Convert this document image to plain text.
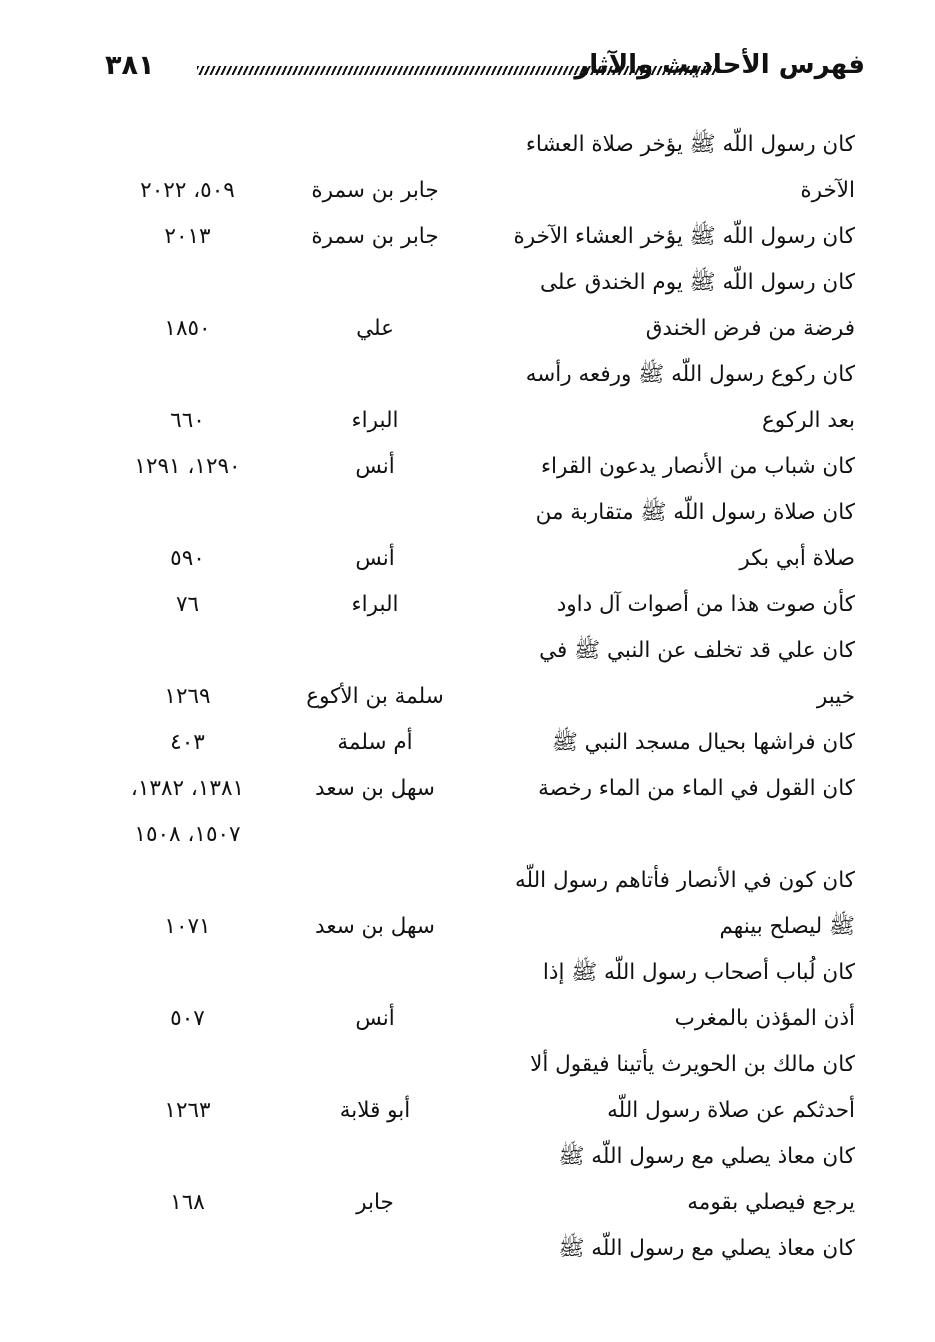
٣٨١	فهرس الأحاديث والآثار
كان رسول اللّه ﷺ يؤخر صلاة العشاء
الآخرة
جابر بن سمرة
٥٠٩، ٢٠٢٢
كان رسول اللّه ﷺ يؤخر العشاء الآخرة
جابر بن سمرة
٢٠١٣
كان رسول اللّه ﷺ يوم الخندق على
فرضة من فرض الخندق
علي
١٨٥٠
كان ركوع رسول اللّه ﷺ ورفعه رأسه
بعد الركوع
البراء
٦٦٠
كان شباب من الأنصار يدعون القراء
أنس
١٢٩٠، ١٢٩١
كان صلاة رسول اللّه ﷺ متقاربة من
صلاة أبي بكر
أنس
٥٩٠
كأن صوت هذا من أصوات آل داود
البراء
٧٦
كان علي قد تخلف عن النبي ﷺ في
خيبر
سلمة بن الأكوع
١٢٦٩
كان فراشها بحيال مسجد النبي ﷺ
أم سلمة
٤٠٣
كان القول في الماء من الماء رخصة
سهل بن سعد
١٣٨١، ١٣٨٢،
١٥٠٧، ١٥٠٨
كان كون في الأنصار فأتاهم رسول اللّه
ﷺ ليصلح بينهم
سهل بن سعد
١٠٧١
كان لُباب أصحاب رسول اللّه ﷺ إذا
أذن المؤذن بالمغرب
أنس
٥٠٧
كان مالك بن الحويرث يأتينا فيقول ألا
أحدثكم عن صلاة رسول اللّه
أبو قلابة
١٢٦٣
كان معاذ يصلي مع رسول اللّه ﷺ
يرجع فيصلي بقومه
جابر
١٦٨
كان معاذ يصلي مع رسول اللّه ﷺ
